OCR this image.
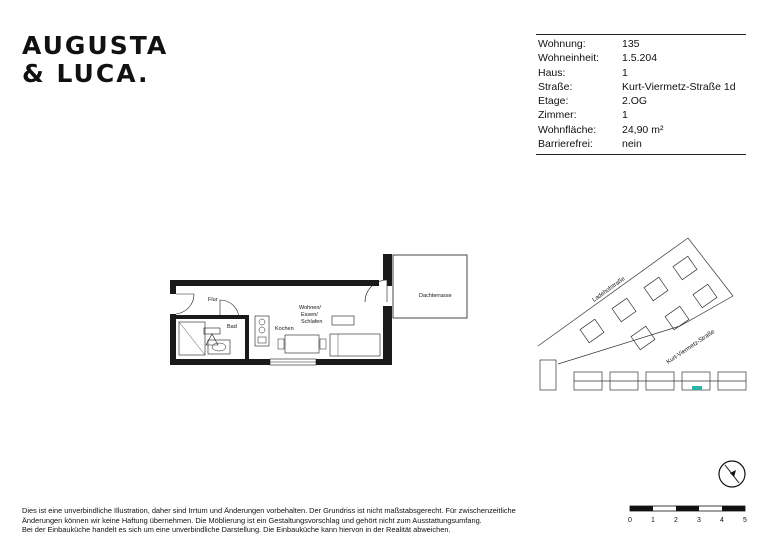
AUGUSTA
& LUCA.
Wohnung:	135
Wohneinheit:	1.5.204
Haus:	1
Straße:	Kurt-Viermetz-Straße 1d
Etage:	2.OG
Zimmer:	1
Wohnfläche:	24,90 m²
Barrierefrei:	nein
Flur
Bad	Kochen
Wohnen/
Essen/
Schlafen
Dachterrasse	Ladehofstraße
Kurt-Viermetz-Straße
Dies ist eine unverbindliche Illustration, daher sind Irrtum und Änderungen vorbehalten. Der Grundriss ist nicht maßstabsgerecht. Für zwischenzeitliche
Änderungen können wir keine Haftung übernehmen. Die Möblierung ist ein Gestaltungsvorschlag und gehört nicht zum Ausstattungsumfang.
Bei der Einbauküche handelt es sich um eine unverbindliche Darstellung. Die Einbauküche kann hiervon in der Realität abweichen.
0	1	2	3	4	5
